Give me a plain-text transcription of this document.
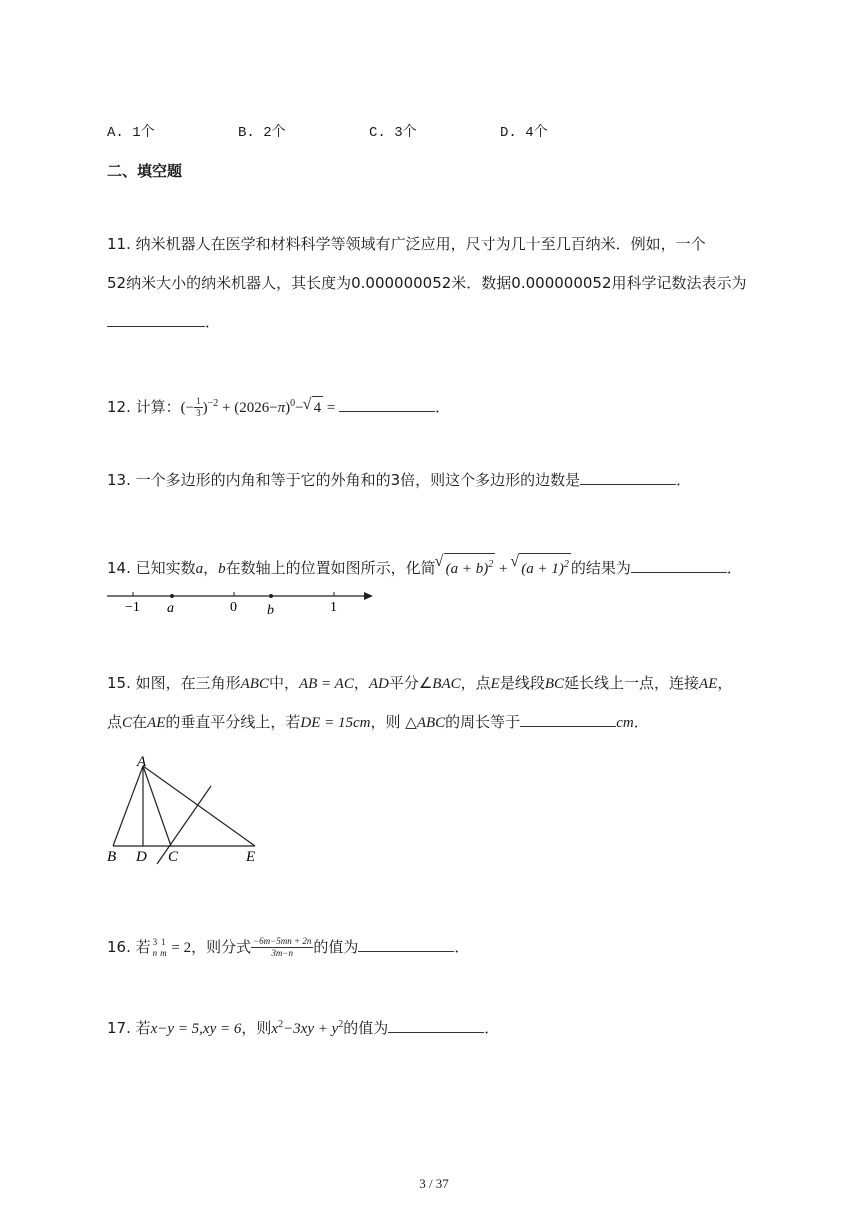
A. 1个	B. 2个	C. 3个	D. 4个
二、填空题
11. 纳米机器人在医学和材料科学等领域有广泛应用，尺寸为几十至几百纳米．例如，一个
52纳米大小的纳米机器人，其长度为0.000000052米．数据0.000000052用科学记数法表示为
．
12. 计算：(− $\frac{1}{3} )^{-2} + (2026-\pi)^0-√$ 4 =	．
13. 一个多边形的内角和等于它的外角和的3倍，则这个多边形的边数是	．
14. 已知实数a，b在数轴上的位置如图所示，化简√ $(a + b)^2$ + √ $(a + 1)^2$ 的结果为	．
−1 a	0 b	1
15. 如图，在三角形ABC中，AB = AC，AD平分∠BAC，点E是线段BC延长线上一点，连接AE，
点C在AE的垂直平分线上，若DE = 15cm，则 △ABC的周长等于	cm．
A
B D C	E
16. 若 3
n
1
m = 2，则分式 $\frac{-6m-5mn + 2n}{3m-n}$ 的值为	．
17. 若x−y = 5,xy = 6，则$x^2-3xy + y^2$的值为	．
3 / 37
